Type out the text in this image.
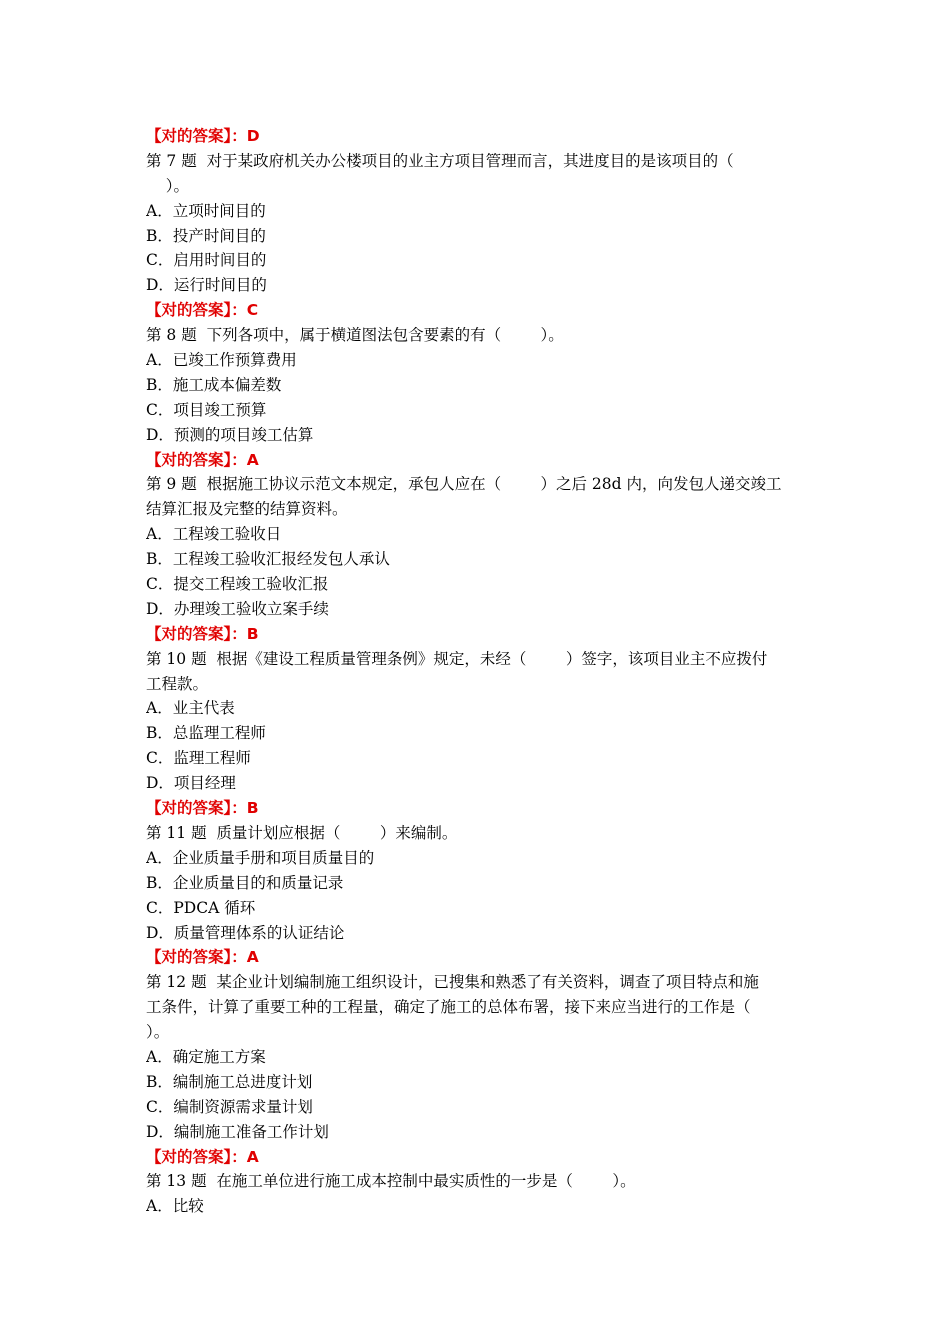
【对的答案】：D
第 7 题  对于某政府机关办公楼项目的业主方项目管理而言，其进度目的是该项目的（
）。
A．立项时间目的
B．投产时间目的
C．启用时间目的
D．运行时间目的
【对的答案】：C
第 8 题  下列各项中，属于横道图法包含要素的有（        ）。
A．已竣工作预算费用
B．施工成本偏差数
C．项目竣工预算
D．预测的项目竣工估算
【对的答案】：A
第 9 题  根据施工协议示范文本规定，承包人应在（        ）之后 28d 内，向发包人递交竣工
结算汇报及完整的结算资料。
A．工程竣工验收日
B．工程竣工验收汇报经发包人承认
C．提交工程竣工验收汇报
D．办理竣工验收立案手续
【对的答案】：B
第 10 题  根据《建设工程质量管理条例》规定，未经（        ）签字，该项目业主不应拨付
工程款。
A．业主代表
B．总监理工程师
C．监理工程师
D．项目经理
【对的答案】：B
第 11 题  质量计划应根据（        ）来编制。
A．企业质量手册和项目质量目的
B．企业质量目的和质量记录
C．PDCA 循环
D．质量管理体系的认证结论
【对的答案】：A
第 12 题  某企业计划编制施工组织设计，已搜集和熟悉了有关资料，调查了项目特点和施
工条件，计算了重要工种的工程量，确定了施工的总体布署，接下来应当进行的工作是（
）。
A．确定施工方案
B．编制施工总进度计划
C．编制资源需求量计划
D．编制施工准备工作计划
【对的答案】：A
第 13 题  在施工单位进行施工成本控制中最实质性的一步是（        ）。
A．比较
